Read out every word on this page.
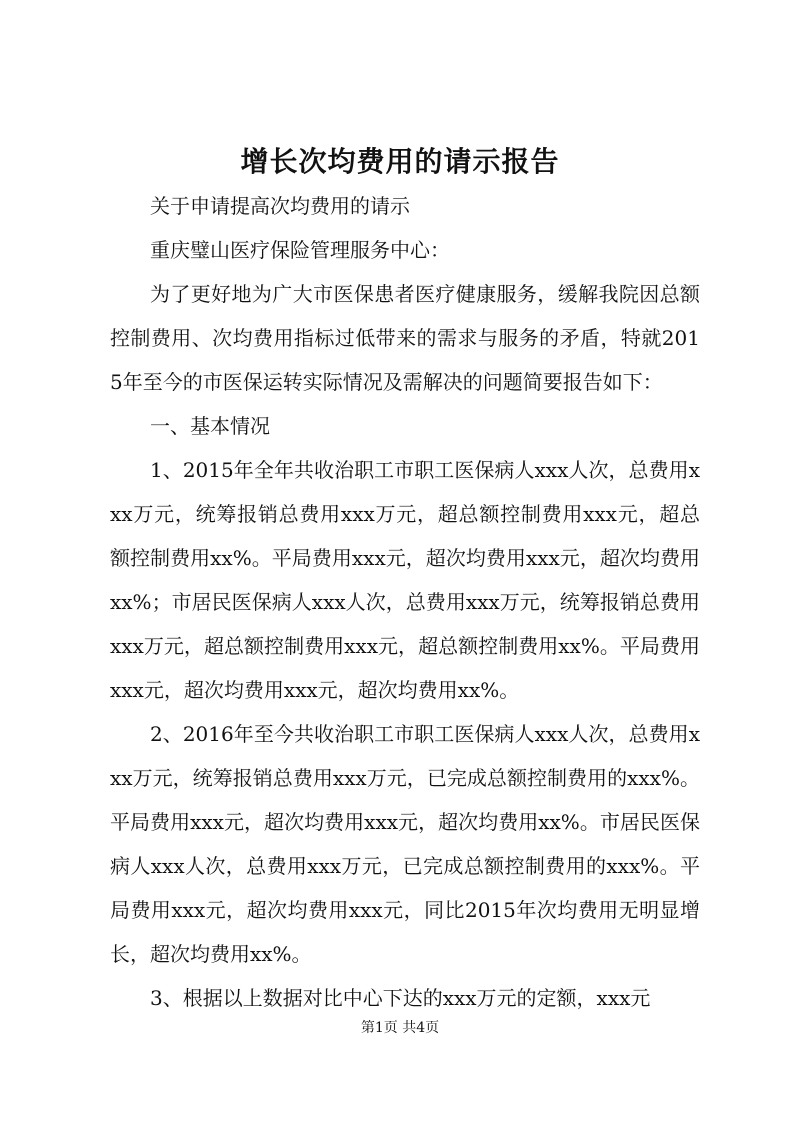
增长次均费用的请示报告

关于申请提高次均费用的请示

重庆璧山医疗保险管理服务中心：

为了更好地为广大市医保患者医疗健康服务，缓解我院因总额控制费用、次均费用指标过低带来的需求与服务的矛盾，特就2015年至今的市医保运转实际情况及需解决的问题简要报告如下：

一、基本情况

1、2015年全年共收治职工市职工医保病人xxx人次，总费用xxx万元，统筹报销总费用xxx万元，超总额控制费用xxx元，超总额控制费用xx%。平局费用xxx元，超次均费用xxx元，超次均费用xx%；市居民医保病人xxx人次，总费用xxx万元，统筹报销总费用xxx万元，超总额控制费用xxx元，超总额控制费用xx%。平局费用xxx元，超次均费用xxx元，超次均费用xx%。

2、2016年至今共收治职工市职工医保病人xxx人次，总费用xxx万元，统筹报销总费用xxx万元，已完成总额控制费用的xxx%。平局费用xxx元，超次均费用xxx元，超次均费用xx%。市居民医保病人xxx人次，总费用xxx万元，已完成总额控制费用的xxx%。平局费用xxx元，超次均费用xxx元，同比2015年次均费用无明显增长，超次均费用xx%。

3、根据以上数据对比中心下达的xxx万元的定额，xxx元

第1页 共4页
